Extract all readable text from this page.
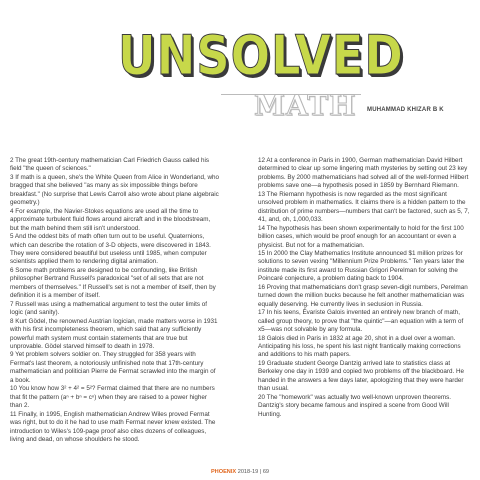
UNSOLVED
MATH MUHAMMAD KHIZAR B K

2 The great 19th-century mathematician Carl Friedrich Gauss called his field "the queen of sciences."

3 If math is a queen, she's the White Queen from Alice in Wonderland, who bragged that she believed "as many as six impossible things before breakfast." (No surprise that Lewis Carroll also wrote about plane algebraic geometry.)

4 For example, the Navier-Stokes equations are used all the time to approximate turbulent fluid flows around aircraft and in the bloodstream, but the math behind them still isn't understood.

5 And the oddest bits of math often turn out to be useful. Quaternions, which can describe the rotation of 3-D objects, were discovered in 1843. They were considered beautiful but useless until 1985, when computer scientists applied them to rendering digital animation.

6 Some math problems are designed to be confounding, like British philosopher Bertrand Russell's paradoxical "set of all sets that are not members of themselves." If Russell's set is not a member of itself, then by definition it is a member of itself.

7 Russell was using a mathematical argument to test the outer limits of logic (and sanity).

8 Kurt Gödel, the renowned Austrian logician, made matters worse in 1931 with his first incompleteness theorem, which said that any sufficiently powerful math system must contain statements that are true but unprovable. Gödel starved himself to death in 1978.

9 Yet problem solvers soldier on. They struggled for 358 years with Fermat's last theorem, a notoriously unfinished note that 17th-century mathematician and politician Pierre de Fermat scrawled into the margin of a book.

10 You know how 3² + 4² = 5²? Fermat claimed that there are no numbers that fit the pattern (aⁿ + bⁿ = cⁿ) when they are raised to a power higher than 2.

11 Finally, in 1995, English mathematician Andrew Wiles proved Fermat was right, but to do it he had to use math Fermat never knew existed. The introduction to Wiles's 109-page proof also cites dozens of colleagues, living and dead, on whose shoulders he stood.

12 At a conference in Paris in 1900, German mathematician David Hilbert determined to clear up some lingering math mysteries by setting out 23 key problems. By 2000 mathematicians had solved all of the well-formed Hilbert problems save one—a hypothesis posed in 1859 by Bernhard Riemann.

13 The Riemann hypothesis is now regarded as the most significant unsolved problem in mathematics. It claims there is a hidden pattern to the distribution of prime numbers—numbers that can't be factored, such as 5, 7, 41, and, oh, 1,000,033.

14 The hypothesis has been shown experimentally to hold for the first 100 billion cases, which would be proof enough for an accountant or even a physicist. But not for a mathematician.

15 In 2000 the Clay Mathematics Institute announced $1 million prizes for solutions to seven vexing "Millennium Prize Problems." Ten years later the institute made its first award to Russian Grigori Perelman for solving the Poincaré conjecture, a problem dating back to 1904.

16 Proving that mathematicians don't grasp seven-digit numbers, Perelman turned down the million bucks because he felt another mathematician was equally deserving. He currently lives in seclusion in Russia.

17 In his teens, Évariste Galois invented an entirely new branch of math, called group theory, to prove that "the quintic"—an equation with a term of x5—was not solvable by any formula.

18 Galois died in Paris in 1832 at age 20, shot in a duel over a woman. Anticipating his loss, he spent his last night frantically making corrections and additions to his math papers.

19 Graduate student George Dantzig arrived late to statistics class at Berkeley one day in 1939 and copied two problems off the blackboard. He handed in the answers a few days later, apologizing that they were harder than usual.

20 The "homework" was actually two well-known unproven theorems. Dantzig's story became famous and inspired a scene from Good Will Hunting.

PHOENIX 2018-19 | 69
